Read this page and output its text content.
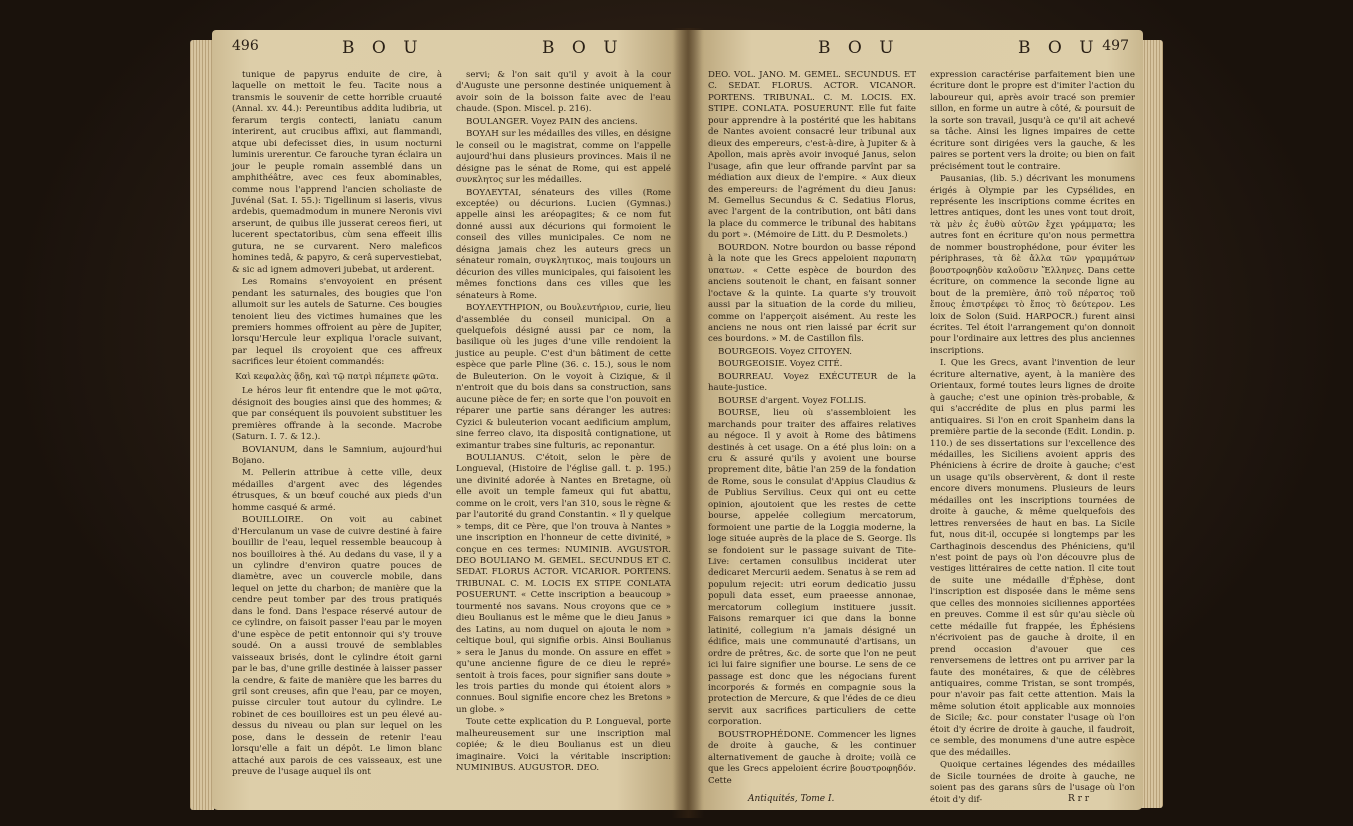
496	B O U	B O U

tunique de papyrus enduite de cire, à laquelle on mettoit le feu. Tacite nous a transmis le souvenir de cette horrible cruauté (Annal. xv. 44.): Pereuntibus addita ludibria, ut ferarum tergis contecti, laniatu canum interirent, aut crucibus affixi, aut flammandi, atque ubi defecisset dies, in usum nocturni luminis urerentur. Ce farouche tyran éclaira un jour le peuple romain assemblé dans un amphithéâtre, avec ces feux abominables, comme nous l'apprend l'ancien scholiaste de Juvénal (Sat. I. 55.): Tigellinum si laseris, vivus ardebis, quemadmodum in munere Neronis vivi arserunt, de quibus ille jusserat cereos fieri, ut lucerent spectatoribus, cùm sena effeeit illis gutura, ne se curvarent. Nero maleficos homines tedâ, & papyro, & cerâ supervestiebat, & sic ad ignem admoveri jubebat, ut arderent.

Les Romains s'envoyoient en présent pendant les saturnales, des bougies que l'on allumoit sur les autels de Saturne. Ces bougies tenoient lieu des victimes humaines que les premiers hommes offroient au père de Jupiter, lorsqu'Hercule leur expliqua l'oracle suivant, par lequel ils croyoient que ces affreux sacrifices leur étoient commandés:

Καὶ κεφαλὰς ᾅδῃ, καὶ τῷ πατρὶ πέμπετε φῶτα.

Le héros leur fit entendre que le mot φῶτα, désignoit des bougies ainsi que des hommes; & que par conséquent ils pouvoient substituer les premières offrande à la seconde. Macrobe (Saturn. I. 7. & 12.).

BOVIANUM, dans le Samnium, aujourd'hui Bojano.

M. Pellerin attribue à cette ville, deux médailles d'argent avec des légendes étrusques, & un bœuf couché aux pieds d'un homme casqué & armé.

BOUILLOIRE. On voit au cabinet d'Herculanum un vase de cuivre destiné à faire bouillir de l'eau, lequel ressemble beaucoup à nos bouilloires à thé. Au dedans du vase, il y a un cylindre d'environ quatre pouces de diamètre, avec un couvercle mobile, dans lequel on jette du charbon; de manière que la cendre peut tomber par des trous pratiqués dans le fond. Dans l'espace réservé autour de ce cylindre, on faisoit passer l'eau par le moyen d'une espèce de petit entonnoir qui s'y trouve soudé. On a aussi trouvé de semblables vaisseaux brisés, dont le cylindre étoit garni par le bas, d'une grille destinée à laisser passer la cendre, & faite de manière que les barres du gril sont creuses, afin que l'eau, par ce moyen, puisse circuler tout autour du cylindre. Le robinet de ces bouilloires est un peu élevé au-dessus du niveau ou plan sur lequel on les pose, dans le dessein de retenir l'eau lorsqu'elle a fait un dépôt. Le limon blanc attaché aux parois de ces vaisseaux, est une preuve de l'usage auquel ils ont

servi; & l'on sait qu'il y avoit à la cour d'Auguste une personne destinée uniquement à avoir soin de la boisson faite avec de l'eau chaude. (Spon. Miscel. p. 216).

BOULANGER. Voyez PAIN des anciens.

ΒΟΥΛΗ sur les médailles des villes, en désigne le conseil ou le magistrat, comme on l'appelle aujourd'hui dans plusieurs provinces. Mais il ne désigne pas le sénat de Rome, qui est appelé συνκλητος sur les médailles.

ΒΟΥΛΕΥΤΑΙ, sénateurs des villes (Rome exceptée) ou décurions. Lucien (Gymnas.) appelle ainsi les aréopagites; & ce nom fut donné aussi aux décurions qui formoient le conseil des villes municipales. Ce nom ne désigna jamais chez les auteurs grecs un sénateur romain, συγκλητικος, mais toujours un décurion des villes municipales, qui faisoient les mêmes fonctions dans ces villes que les sénateurs à Rome.

ΒΟΥΛΕΥΤΗΡΙΟΝ, ou Βουλευτήριον, curie, lieu d'assemblée du conseil municipal. On a quelquefois désigné aussi par ce nom, la basilique où les juges d'une ville rendoient la justice au peuple. C'est d'un bâtiment de cette espèce que parle Pline (36. c. 15.), sous le nom de Buleuterion. On le voyoit à Cizique, & il n'entroit que du bois dans sa construction, sans aucune pièce de fer; en sorte que l'on pouvoit en réparer une partie sans déranger les autres: Cyzici & buleuterion vocant aedificium amplum, sine ferreo clavo, ita dispositâ contignatione, ut eximantur trabes sine fulturis, ac reponantur.

BOULIANUS. C'étoit, selon le père de Longueval, (Histoire de l'église gall. t. p. 195.) une divinité adorée à Nantes en Bretagne, où elle avoit un temple fameux qui fut abattu, comme on le croit, vers l'an 310, sous le règne & par l'autorité du grand Constantin. « Il y quelque » temps, dit ce Père, que l'on trouva à Nantes » une inscription en l'honneur de cette divinité, » conçue en ces termes: NUMINIB. AVGUSTOR. DEO BOULIANO M. GEMEL. SECUNDUS ET C. SEDAT. FLORUS ACTOR. VICARIOR. PORTENS. TRIBUNAL C. M. LOCIS EX STIPE CONLATA POSUERUNT. « Cette inscription a beaucoup » tourmenté nos savans. Nous croyons que ce » dieu Boulianus est le même que le dieu Janus » des Latins, au nom duquel on ajouta le nom » celtique boul, qui signifie orbis. Ainsi Boulianus » sera le Janus du monde. On assure en effet » qu'une ancienne figure de ce dieu le repré» sentoit à trois faces, pour signifier sans doute » les trois parties du monde qui étoient alors » connues. Boul signifie encore chez les Bretons » un globe. »

Toute cette explication du P. Longueval, porte malheureusement sur une inscription mal copiée; & le dieu Boulianus est un dieu imaginaire. Voici la véritable inscription: NUMINIBUS. AUGUSTOR. DEO.

B O U	B O U 497

DEO. VOL. JANO. M. GEMEL. SECUNDUS. ET C. SEDAT. FLORUS. ACTOR. VICANOR. PORTENS. TRIBUNAL. C. M. LOCIS. EX. STIPE. CONLATA. POSUERUNT. Elle fut faite pour apprendre à la postérité que les habitans de Nantes avoient consacré leur tribunal aux dieux des empereurs, c'est-à-dire, à Jupiter & à Apollon, mais après avoir invoqué Janus, selon l'usage, afin que leur offrande parvînt par sa médiation aux dieux de l'empire. « Aux dieux des empereurs: de l'agrément du dieu Janus: M. Gemellus Secundus & C. Sedatius Florus, avec l'argent de la contribution, ont bâti dans la place du commerce le tribunal des habitans du port ». (Mémoire de Litt. du P. Desmolets.)

BOURDON. Notre bourdon ou basse répond à la note que les Grecs appeloient παρυπατη υπατων. « Cette espèce de bourdon des anciens soutenoit le chant, en faisant sonner l'octave & la quinte. La quarte s'y trouvoit aussi par la situation de la corde du milieu, comme on l'apperçoit aisément. Au reste les anciens ne nous ont rien laissé par écrit sur ces bourdons. » M. de Castillon fils.

BOURGEOIS. Voyez CITOYEN.

BOURGEOISIE. Voyez CITÉ.

BOURREAU. Voyez EXÉCUTEUR de la haute-justice.

BOURSE d'argent. Voyez FOLLIS.

BOURSE, lieu où s'assembloient les marchands pour traiter des affaires relatives au négoce. Il y avoit à Rome des bâtimens destinés à cet usage. On a été plus loin: on a cru & assuré qu'ils y avoient une bourse proprement dite, bâtie l'an 259 de la fondation de Rome, sous le consulat d'Appius Claudius & de Publius Servilius. Ceux qui ont eu cette opinion, ajoutoient que les restes de cette bourse, appelée collegium mercatorum, formoient une partie de la Loggia moderne, la loge située auprès de la place de S. George. Ils se fondoient sur le passage suivant de Tite-Live: certamen consulibus inciderat uter dedicaret Mercurii aedem. Senatus à se rem ad populum rejecit: utri eorum dedicatio jussu populi data esset, eum praeesse annonae, mercatorum collegium instituere jussit. Faisons remarquer ici que dans la bonne latinité, collegium n'a jamais désigné un édifice, mais une communauté d'artisans, un ordre de prêtres, &c. de sorte que l'on ne peut ici lui faire signifier une bourse. Le sens de ce passage est donc que les négocians furent incorporés & formés en compagnie sous la protection de Mercure, & que l'édes de ce dieu servit aux sacrifices particuliers de cette corporation.

BOUSTROPHÉDONE. Commencer les lignes de droite à gauche, & les continuer alternativement de gauche à droite; voilà ce que les Grecs appeloient écrire βουστροφηδόν. Cette

expression caractérise parfaitement bien une écriture dont le propre est d'imiter l'action du laboureur qui, après avoir tracé son premier sillon, en forme un autre à côté, & poursuit de la sorte son travail, jusqu'à ce qu'il ait achevé sa tâche. Ainsi les lignes impaires de cette écriture sont dirigées vers la gauche, & les paires se portent vers la droite; ou bien on fait précisément tout le contraire.

Pausanias, (lib. 5.) décrivant les monumens érigés à Olympie par les Cypsélides, en représente les inscriptions comme écrites en lettres antiques, dont les unes vont tout droit, τὰ μὲν ἐς ἐυθὺ αὐτῶν ἔχει γράμματα; les autres font en écriture qu'on nous permettra de nommer boustrophédone, pour éviter les périphrases, τὰ δὲ ἄλλα τῶν γραμμάτων βουστροφηδὸν καλοῦσιν Ἕλληνες. Dans cette écriture, on commence la seconde ligne au bout de la première, ἀπὸ τοῦ πέρατος τοῦ ἔπους ἐπιστρέφει τὸ ἔπος τὸ δεύτερον. Les loix de Solon (Suid. HARPOCR.) furent ainsi écrites. Tel étoit l'arrangement qu'on donnoit pour l'ordinaire aux lettres des plus anciennes inscriptions.

I. Que les Grecs, avant l'invention de leur écriture alternative, ayent, à la manière des Orientaux, formé toutes leurs lignes de droite à gauche; c'est une opinion très-probable, & qui s'accrédite de plus en plus parmi les antiquaires. Si l'on en croit Spanheim dans la première partie de la seconde (Edit. Londin. p. 110.) de ses dissertations sur l'excellence des médailles, les Siciliens avoient appris des Phéniciens à écrire de droite à gauche; c'est un usage qu'ils observèrent, & dont il reste encore divers monumens. Plusieurs de leurs médailles ont les inscriptions tournées de droite à gauche, & même quelquefois des lettres renversées de haut en bas. La Sicile fut, nous dit-il, occupée si longtemps par les Carthaginois descendus des Phéniciens, qu'il n'est point de pays où l'on découvre plus de vestiges littéraires de cette nation. Il cite tout de suite une médaille d'Éphèse, dont l'inscription est disposée dans le même sens que celles des monnoies siciliennes apportées en preuves. Comme il est sûr qu'au siècle où cette médaille fut frappée, les Éphésiens n'écrivoient pas de gauche à droite, il en prend occasion d'avouer que ces renversemens de lettres ont pu arriver par la faute des monétaires, & que de célèbres antiquaires, comme Tristan, se sont trompés, pour n'avoir pas fait cette attention. Mais la même solution étoit applicable aux monnoies de Sicile; &c. pour constater l'usage où l'on étoit d'y écrire de droite à gauche, il faudroit, ce semble, des monumens d'une autre espèce que des médailles.

Quoique certaines légendes des médailles de Sicile tournées de droite à gauche, ne soient pas des garans sûrs de l'usage où l'on étoit d'y dif-

Antiquités, Tome I.	R r r
